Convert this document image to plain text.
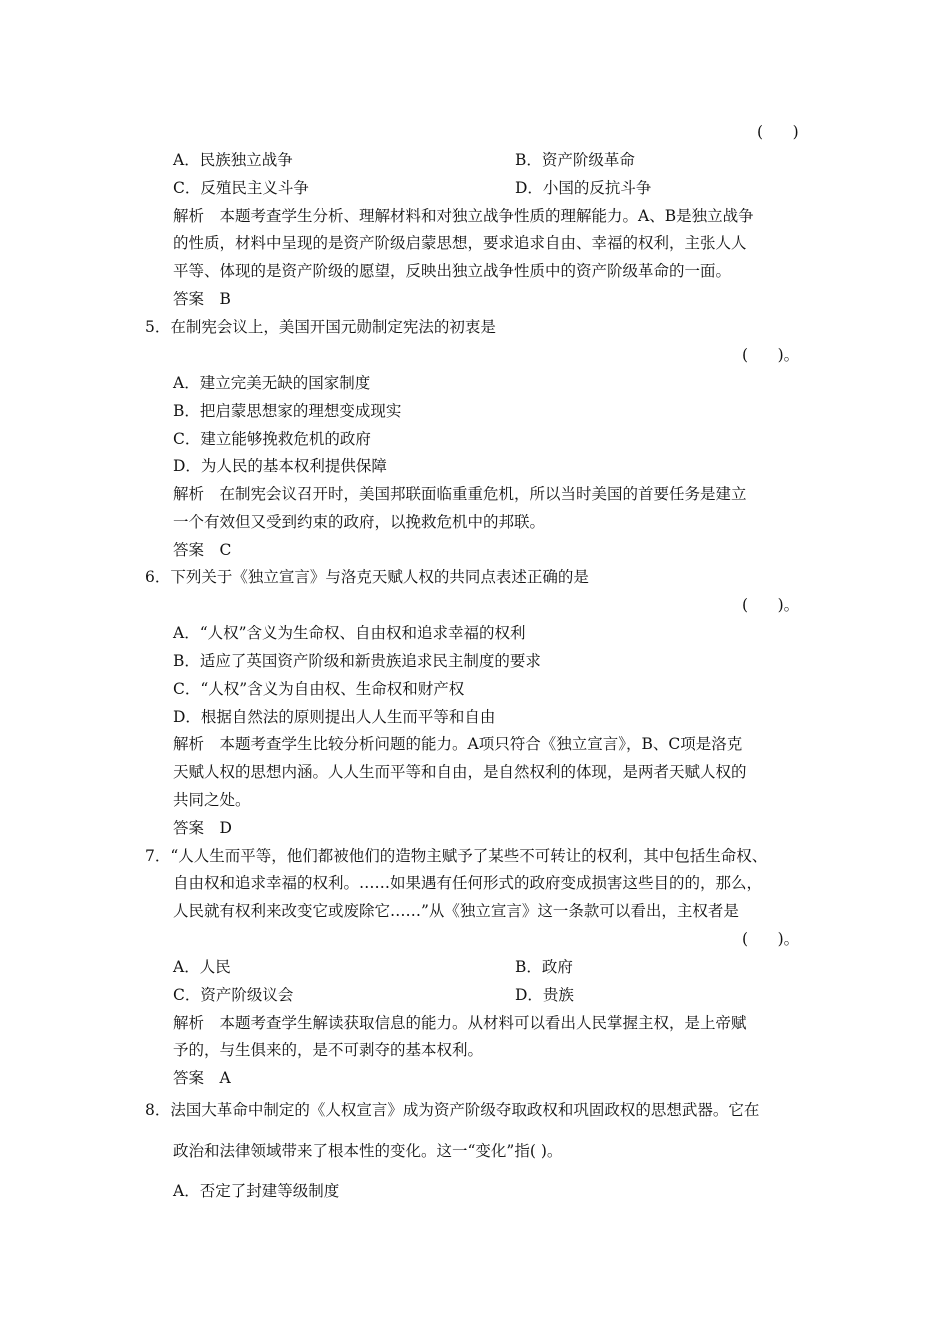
(      )
A．民族独立战争	B．资产阶级革命
C．反殖民主义斗争	D．小国的反抗斗争
解析　本题考查学生分析、理解材料和对独立战争性质的理解能力。A、B是独立战争
的性质，材料中呈现的是资产阶级启蒙思想，要求追求自由、幸福的权利，主张人人
平等、体现的是资产阶级的愿望，反映出独立战争性质中的资产阶级革命的一面。
答案　B
5．在制宪会议上，美国开国元勋制定宪法的初衷是
(      )。
A．建立完美无缺的国家制度
B．把启蒙思想家的理想变成现实
C．建立能够挽救危机的政府
D．为人民的基本权利提供保障
解析　在制宪会议召开时，美国邦联面临重重危机，所以当时美国的首要任务是建立
一个有效但又受到约束的政府，以挽救危机中的邦联。
答案　C
6．下列关于《独立宣言》与洛克天赋人权的共同点表述正确的是
(      )。
A．“人权”含义为生命权、自由权和追求幸福的权利
B．适应了英国资产阶级和新贵族追求民主制度的要求
C．“人权”含义为自由权、生命权和财产权
D．根据自然法的原则提出人人生而平等和自由
解析　本题考查学生比较分析问题的能力。A项只符合《独立宣言》，B、C项是洛克
天赋人权的思想内涵。人人生而平等和自由，是自然权利的体现，是两者天赋人权的
共同之处。
答案　D
7．“人人生而平等，他们都被他们的造物主赋予了某些不可转让的权利，其中包括生命权、
自由权和追求幸福的权利。……如果遇有任何形式的政府变成损害这些目的的，那么，
人民就有权利来改变它或废除它……”从《独立宣言》这一条款可以看出，主权者是
(      )。
A．人民	B．政府
C．资产阶级议会	D．贵族
解析　本题考查学生解读获取信息的能力。从材料可以看出人民掌握主权，是上帝赋
予的，与生俱来的，是不可剥夺的基本权利。
答案　A
8．法国大革命中制定的《人权宣言》成为资产阶级夺取政权和巩固政权的思想武器。它在
政治和法律领域带来了根本性的变化。这一“变化”指( )。
A．否定了封建等级制度
